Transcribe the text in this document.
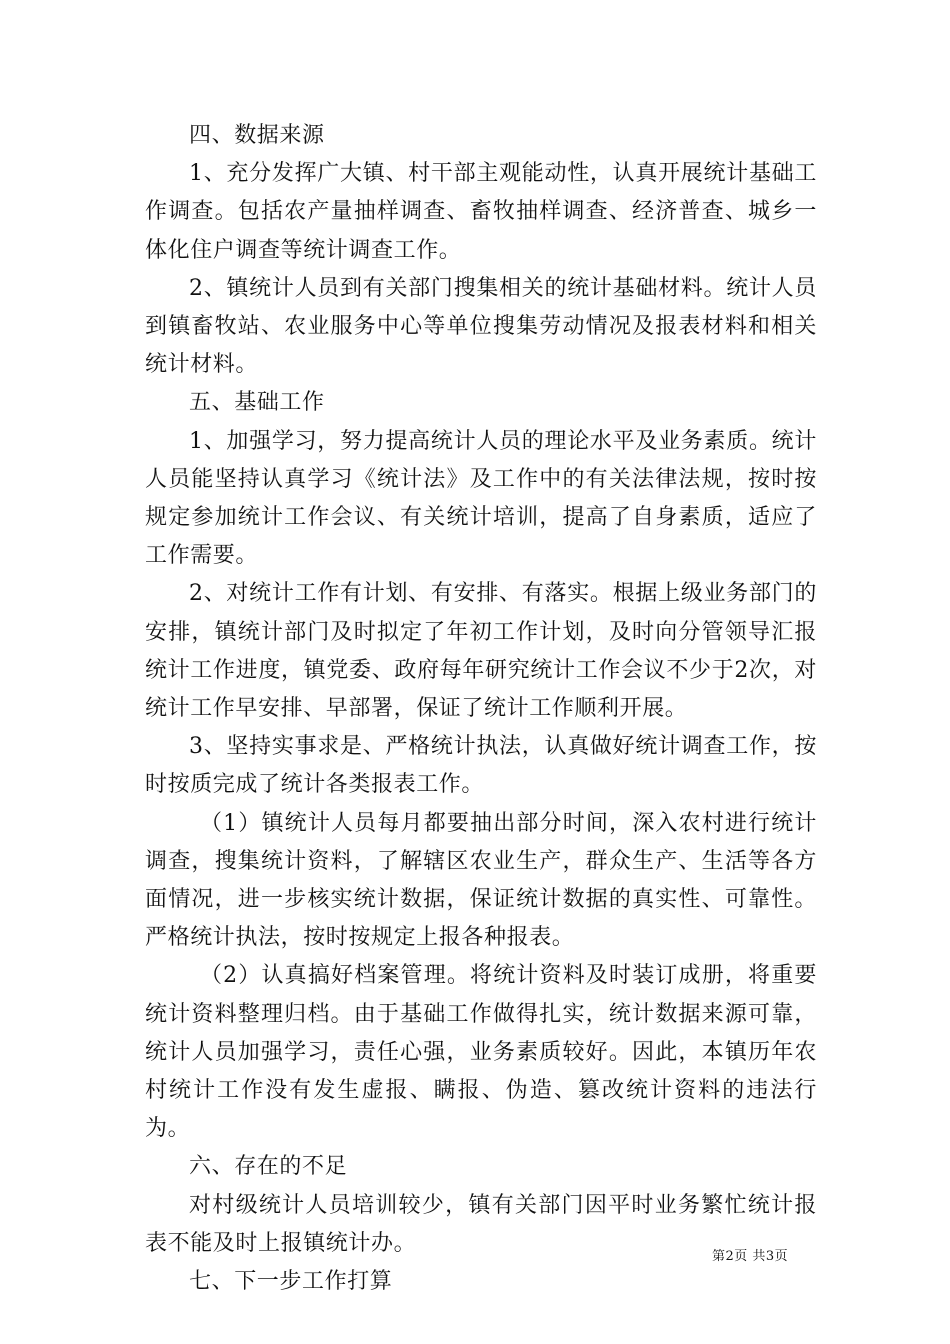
四、数据来源

1、充分发挥广大镇、村干部主观能动性，认真开展统计基础工作调查。包括农产量抽样调查、畜牧抽样调查、经济普查、城乡一体化住户调查等统计调查工作。

2、镇统计人员到有关部门搜集相关的统计基础材料。统计人员到镇畜牧站、农业服务中心等单位搜集劳动情况及报表材料和相关统计材料。

五、基础工作

1、加强学习，努力提高统计人员的理论水平及业务素质。统计人员能坚持认真学习《统计法》及工作中的有关法律法规，按时按规定参加统计工作会议、有关统计培训，提高了自身素质，适应了工作需要。

2、对统计工作有计划、有安排、有落实。根据上级业务部门的安排，镇统计部门及时拟定了年初工作计划，及时向分管领导汇报统计工作进度，镇党委、政府每年研究统计工作会议不少于2次，对统计工作早安排、早部署，保证了统计工作顺利开展。

3、坚持实事求是、严格统计执法，认真做好统计调查工作，按时按质完成了统计各类报表工作。

（1）镇统计人员每月都要抽出部分时间，深入农村进行统计调查，搜集统计资料，了解辖区农业生产，群众生产、生活等各方面情况，进一步核实统计数据，保证统计数据的真实性、可靠性。严格统计执法，按时按规定上报各种报表。

（2）认真搞好档案管理。将统计资料及时装订成册，将重要统计资料整理归档。由于基础工作做得扎实，统计数据来源可靠，统计人员加强学习，责任心强，业务素质较好。因此，本镇历年农村统计工作没有发生虚报、瞒报、伪造、篡改统计资料的违法行为。

六、存在的不足

对村级统计人员培训较少，镇有关部门因平时业务繁忙统计报表不能及时上报镇统计办。

七、下一步工作打算

第2页 共3页
